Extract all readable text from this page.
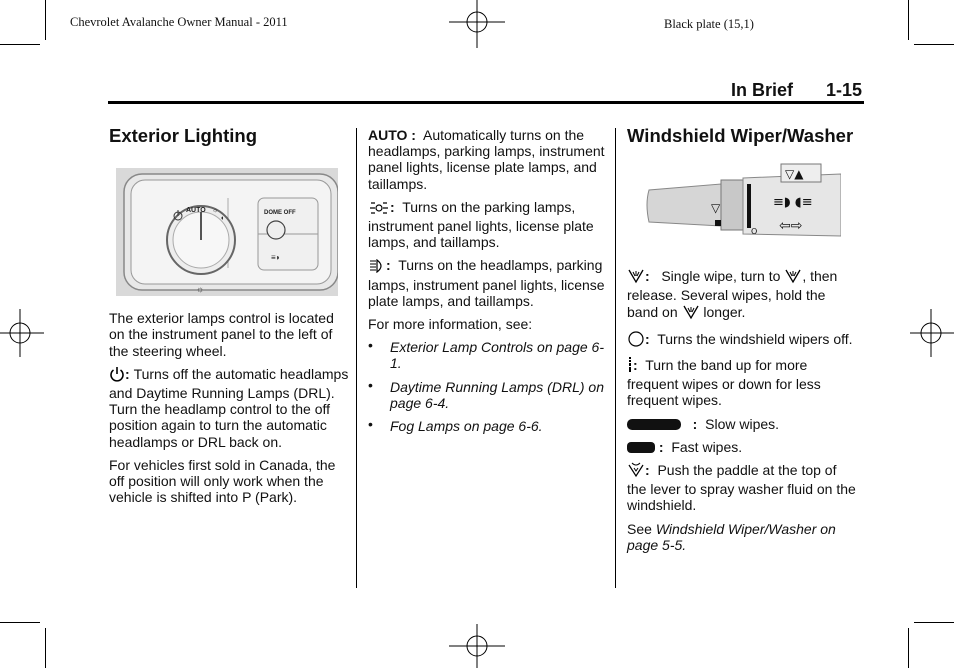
Chevrolet Avalanche Owner Manual - 2011	Black plate (15,1)
In Brief 1-15
Exterior Lighting
AUTO ☼
◖
☼
DOME OFF
≡◗

The exterior lamps control is located on the instrument panel to the left of the steering wheel.

: Turns off the automatic headlamps and Daytime Running Lamps (DRL). Turn the headlamp control to the off position again to turn the automatic headlamps or DRL back on.

For vehicles first sold in Canada, the off position will only work when the vehicle is shifted into P (Park).

AUTO : Automatically turns on the headlamps, parking lamps, instrument panel lights, license plate lamps, and taillamps.

: Turns on the parking lamps, instrument panel lights, license plate lamps, and taillamps.

: Turns on the headlamps, parking lamps, instrument panel lights, license plate lamps, and taillamps.

For more information, see:

• Exterior Lamp Controls on page 6-1.
• Daytime Running Lamps (DRL) on page 6-4.
• Fog Lamps on page 6-6.
Windshield Wiper/Washer
▽▲
▽	≡◗ ◖≡
⇦⇨
O

: Single wipe, turn to , then release. Several wipes, hold the band on longer.

: Turns the windshield wipers off.

: Turn the band up for more frequent wipes or down for less frequent wipes.

: Slow wipes.

: Fast wipes.

: Push the paddle at the top of the lever to spray washer fluid on the windshield.

See Windshield Wiper/Washer on page 5-5.
